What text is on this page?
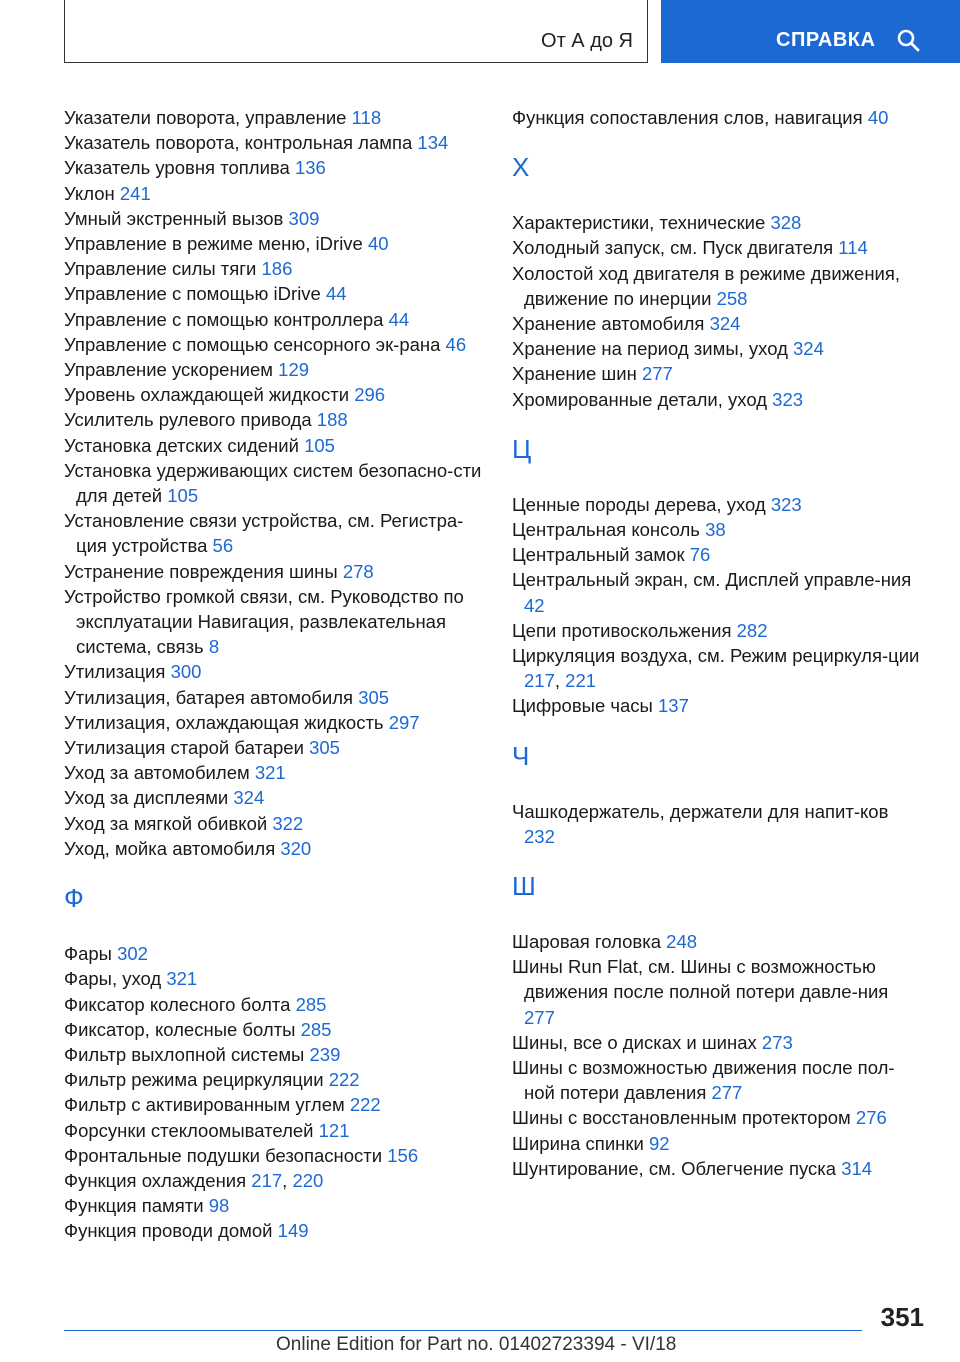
От А до Я	СПРАВКА

Указатели поворота, управление 118

Указатель поворота, контрольная лампа 134

Указатель уровня топлива 136

Уклон 241

Умный экстренный вызов 309

Управление в режиме меню, iDrive 40

Управление силы тяги 186

Управление с помощью iDrive 44

Управление с помощью контроллера 44

Управление с помощью сенсорного эк-рана 46

Управление ускорением 129

Уровень охлаждающей жидкости 296

Усилитель рулевого привода 188

Установка детских сидений 105

Установка удерживающих систем безопасно-сти для детей 105

Установление связи устройства, см. Регистра-ция устройства 56

Устранение повреждения шины 278

Устройство громкой связи, см. Руководство по эксплуатации Навигация, развлекательная система, связь 8

Утилизация 300

Утилизация, батарея автомобиля 305

Утилизация, охлаждающая жидкость 297

Утилизация старой батареи 305

Уход за автомобилем 321

Уход за дисплеями 324

Уход за мягкой обивкой 322

Уход, мойка автомобиля 320

Ф

Фары 302

Фары, уход 321

Фиксатор колесного болта 285

Фиксатор, колесные болты 285

Фильтр выхлопной системы 239

Фильтр режима рециркуляции 222

Фильтр с активированным углем 222

Форсунки стеклоомывателей 121

Фронтальные подушки безопасности 156

Функция охлаждения 217, 220

Функция памяти 98

Функция проводи домой 149

Функция сопоставления слов, навигация 40

Х

Характеристики, технические 328

Холодный запуск, см. Пуск двигателя 114

Холостой ход двигателя в режиме движения, движение по инерции 258

Хранение автомобиля 324

Хранение на период зимы, уход 324

Хранение шин 277

Хромированные детали, уход 323

Ц

Ценные породы дерева, уход 323

Центральная консоль 38

Центральный замок 76

Центральный экран, см. Дисплей управле-ния 42

Цепи противоскольжения 282

Циркуляция воздуха, см. Режим рециркуля-ции 217, 221

Цифровые часы 137

Ч

Чашкодержатель, держатели для напит-ков 232

Ш

Шаровая головка 248

Шины Run Flat, см. Шины с возможностью движения после полной потери давле-ния 277

Шины, все о дисках и шинах 273

Шины с возможностью движения после пол-ной потери давления 277

Шины с восстановленным протектором 276

Ширина спинки 92

Шунтирование, см. Облегчение пуска 314

351
Online Edition for Part no. 01402723394 - VI/18
